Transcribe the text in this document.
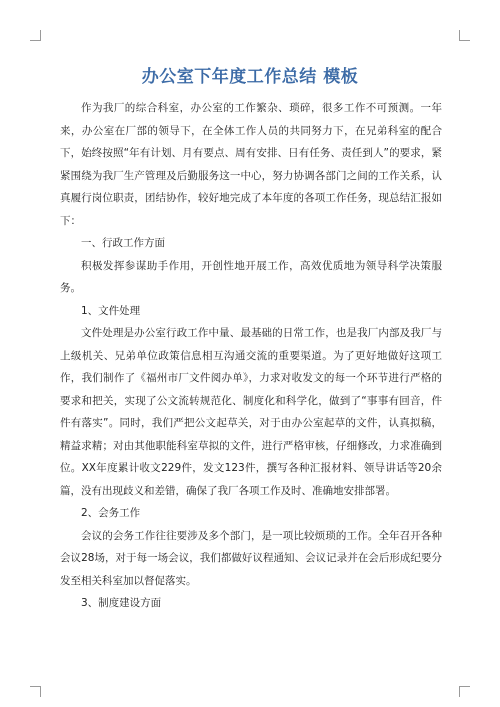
办公室下年度工作总结 模板

作为我厂的综合科室，办公室的工作繁杂、琐碎，很多工作不可预测。一年来，办公室在厂部的领导下，在全体工作人员的共同努力下，在兄弟科室的配合下，始终按照“年有计划、月有要点、周有安排、日有任务、责任到人”的要求，紧紧围绕为我厂生产管理及后勤服务这一中心，努力协调各部门之间的工作关系，认真履行岗位职责，团结协作，较好地完成了本年度的各项工作任务，现总结汇报如下：

一、行政工作方面

积极发挥参谋助手作用，开创性地开展工作，高效优质地为领导科学决策服务。

1、文件处理

文件处理是办公室行政工作中量、最基础的日常工作，也是我厂内部及我厂与上级机关、兄弟单位政策信息相互沟通交流的重要渠道。为了更好地做好这项工作，我们制作了《福州市厂文件阅办单》，力求对收发文的每一个环节进行严格的要求和把关，实现了公文流转规范化、制度化和科学化，做到了“事事有回音，件件有落实”。同时，我们严把公文起草关，对于由办公室起草的文件，认真拟稿，精益求精；对由其他职能科室草拟的文件，进行严格审核，仔细修改，力求准确到位。XX年度累计收文229件，发文123件，撰写各种汇报材料、领导讲话等20余篇，没有出现歧义和差错，确保了我厂各项工作及时、准确地安排部署。

2、会务工作

会议的会务工作往往要涉及多个部门，是一项比较烦琐的工作。全年召开各种会议28场，对于每一场会议，我们都做好议程通知、会议记录并在会后形成纪要分发至相关科室加以督促落实。

3、制度建设方面
